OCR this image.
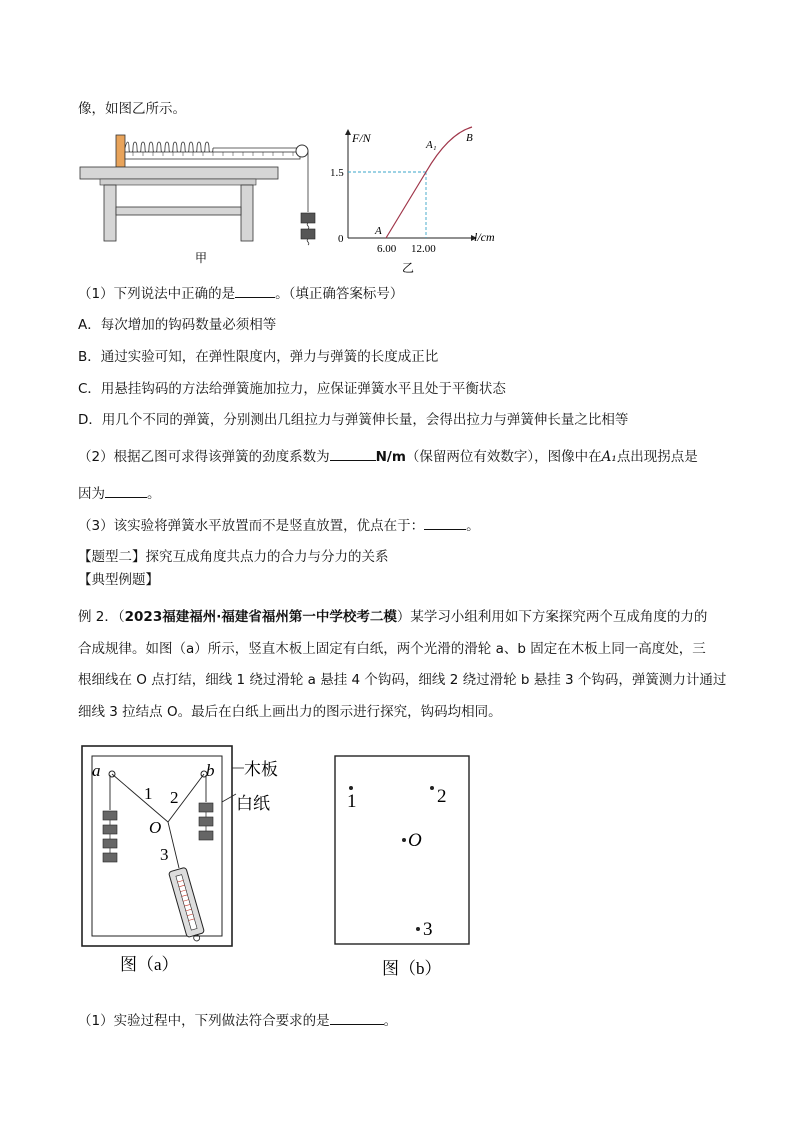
像，如图乙所示。
甲
F/N
l/cm
0
1.5
6.00 12.00
A
A₁
B
乙
（1）下列说法中正确的是	。（填正确答案标号）
A．每次增加的钩码数量必须相等
B．通过实验可知，在弹性限度内，弹力与弹簧的长度成正比
C．用悬挂钩码的方法给弹簧施加拉力，应保证弹簧水平且处于平衡状态
D．用几个不同的弹簧，分别测出几组拉力与弹簧伸长量，会得出拉力与弹簧伸长量之比相等
（2）根据乙图可求得该弹簧的劲度系数为	N/m（保留两位有效数字），图像中在A₁点出现拐点是
因为	。
（3）该实验将弹簧水平放置而不是竖直放置，优点在于：	。
【题型二】探究互成角度共点力的合力与分力的关系
【典型例题】
例 2．（2023福建福州·福建省福州第一中学校考二模）某学习小组利用如下方案探究两个互成角度的力的
合成规律。如图（a）所示，竖直木板上固定有白纸，两个光滑的滑轮 a、b 固定在木板上同一高度处，三
根细线在 O 点打结，细线 1 绕过滑轮 a 悬挂 4 个钩码，细线 2 绕过滑轮 b 悬挂 3 个钩码，弹簧测力计通过
细线 3 拉结点 O。最后在白纸上画出力的图示进行探究，钩码均相同。
a	b
1 2
O
3
木板
白纸
图（a）
1	2
O
3
图（b）
（1）实验过程中，下列做法符合要求的是	。
